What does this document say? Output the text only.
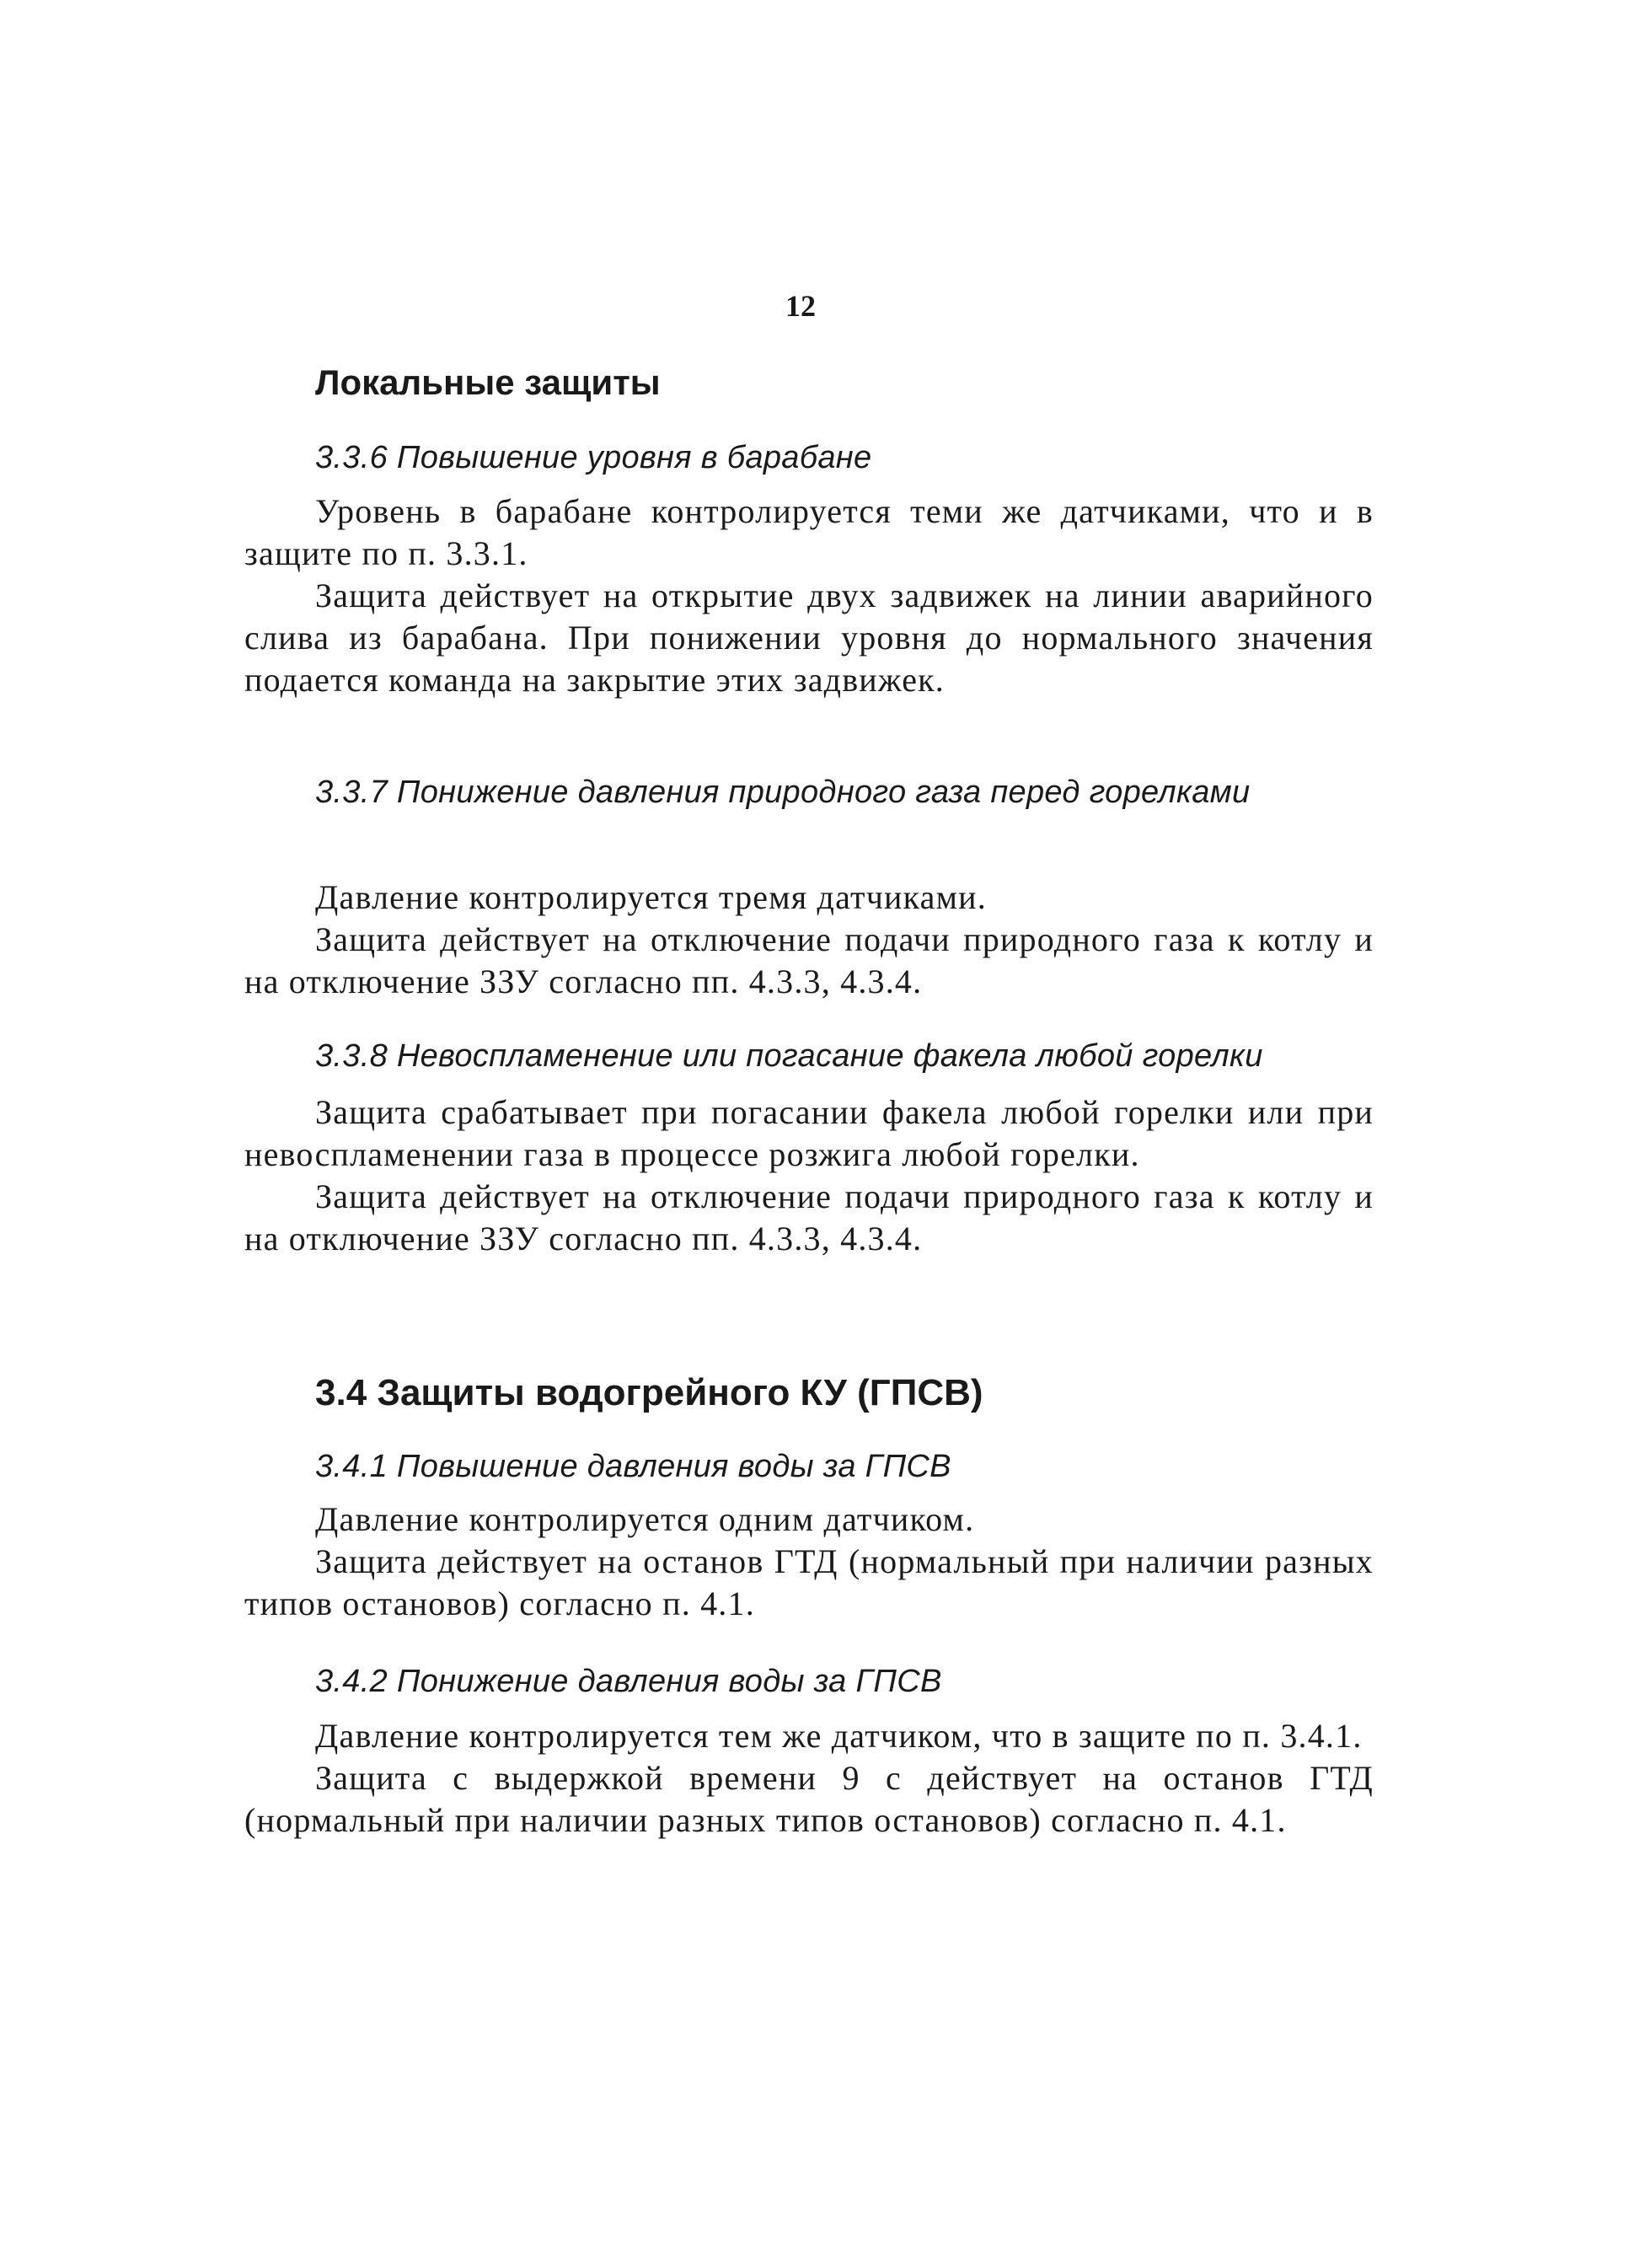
12
Локальные защиты
3.3.6 Повышение уровня в барабане

Уровень в барабане контролируется теми же датчиками, что и в защите по п. 3.3.1.

Защита действует на открытие двух задвижек на линии аварийного слива из барабана. При понижении уровня до нормального значения подается команда на закрытие этих задвижек.

3.3.7 Понижение давления природного газа перед горелками

Давление контролируется тремя датчиками.

Защита действует на отключение подачи природного газа к котлу и на отключение ЗЗУ согласно пп. 4.3.3, 4.3.4.

3.3.8 Невоспламенение или погасание факела любой горелки

Защита срабатывает при погасании факела любой горелки или при невоспламенении газа в процессе розжига любой горелки.

Защита действует на отключение подачи природного газа к котлу и на отключение ЗЗУ согласно пп. 4.3.3, 4.3.4.

3.4 Защиты водогрейного КУ (ГПСВ)
3.4.1 Повышение давления воды за ГПСВ

Давление контролируется одним датчиком.

Защита действует на останов ГТД (нормальный при наличии разных типов остановов) согласно п. 4.1.

3.4.2 Понижение давления воды за ГПСВ

Давление контролируется тем же датчиком, что в защите по п. 3.4.1.

Защита с выдержкой времени 9 с действует на останов ГТД (нормальный при наличии разных типов остановов) согласно п. 4.1.
